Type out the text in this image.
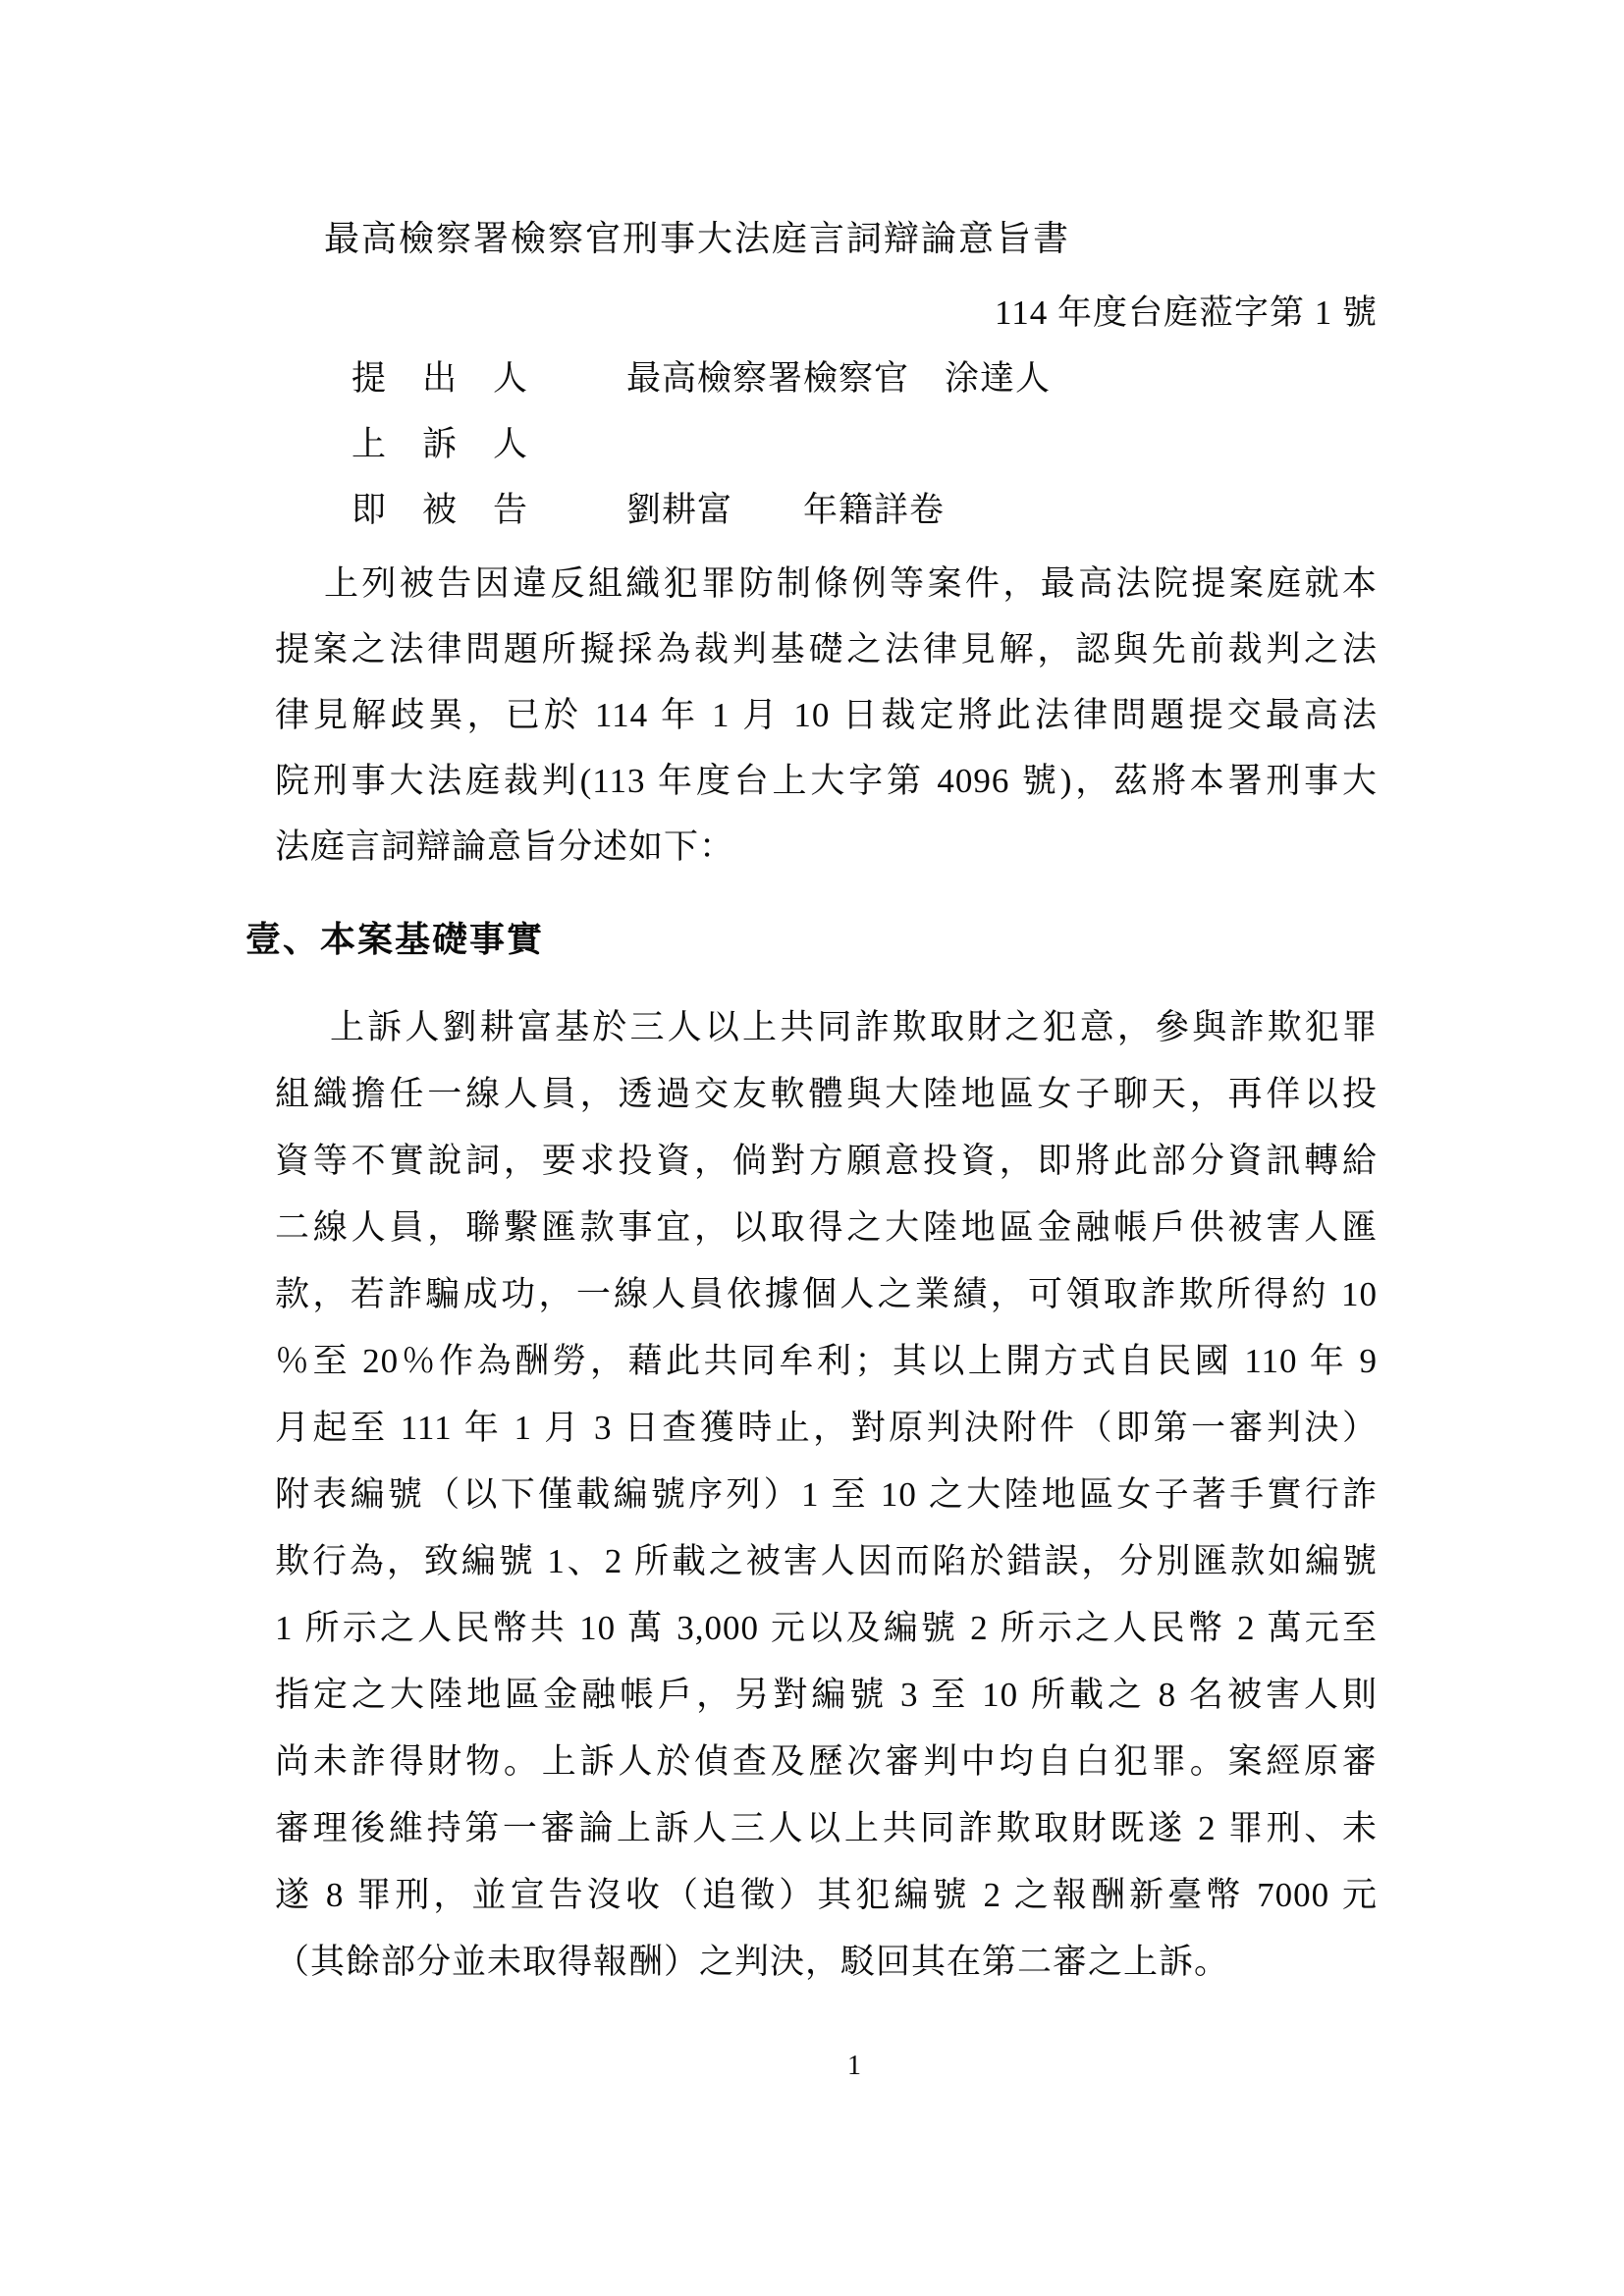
最高檢察署檢察官刑事大法庭言詞辯論意旨書
114 年度台庭蒞字第 1 號
提　出　人	最高檢察署檢察官　涂達人
上　訴　人
即　被　告	劉耕富　　年籍詳卷
上列被告因違反組織犯罪防制條例等案件，最高法院提案庭就本
提案之法律問題所擬採為裁判基礎之法律見解，認與先前裁判之法
律見解歧異，已於 114 年 1 月 10 日裁定將此法律問題提交最高法
院刑事大法庭裁判(113 年度台上大字第 4096 號)，茲將本署刑事大
法庭言詞辯論意旨分述如下：
壹、本案基礎事實
上訴人劉耕富基於三人以上共同詐欺取財之犯意，參與詐欺犯罪
組織擔任一線人員，透過交友軟體與大陸地區女子聊天，再佯以投
資等不實說詞，要求投資，倘對方願意投資，即將此部分資訊轉給
二線人員，聯繫匯款事宜，以取得之大陸地區金融帳戶供被害人匯
款，若詐騙成功，一線人員依據個人之業績，可領取詐欺所得約 10
％至 20％作為酬勞，藉此共同牟利；其以上開方式自民國 110 年 9
月起至 111 年 1 月 3 日查獲時止，對原判決附件（即第一審判決）
附表編號（以下僅載編號序列）1 至 10 之大陸地區女子著手實行詐
欺行為，致編號 1、2 所載之被害人因而陷於錯誤，分別匯款如編號
1 所示之人民幣共 10 萬 3,000 元以及編號 2 所示之人民幣 2 萬元至
指定之大陸地區金融帳戶，另對編號 3 至 10 所載之 8 名被害人則
尚未詐得財物。上訴人於偵查及歷次審判中均自白犯罪。案經原審
審理後維持第一審論上訴人三人以上共同詐欺取財既遂 2 罪刑、未
遂 8 罪刑，並宣告沒收（追徵）其犯編號 2 之報酬新臺幣 7000 元
（其餘部分並未取得報酬）之判決，駁回其在第二審之上訴。
1
